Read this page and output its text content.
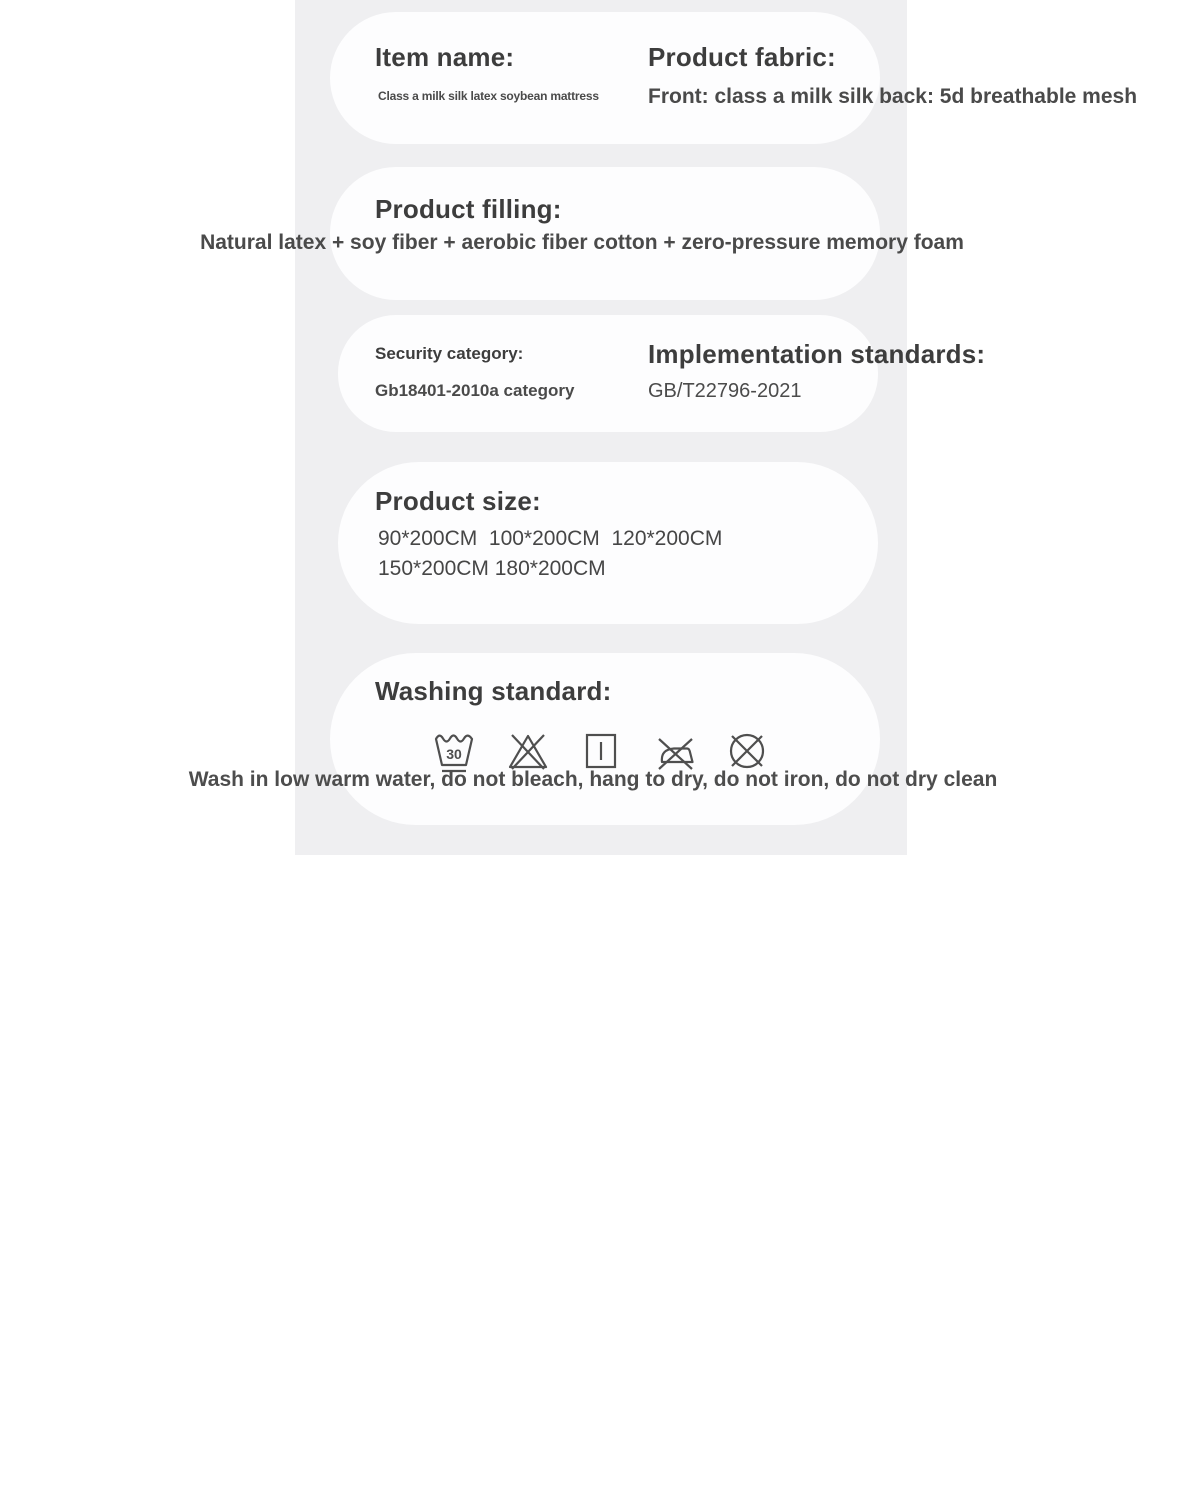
Item name:
Class a milk silk latex soybean mattress
Product fabric:
Front: class a milk silk back: 5d breathable mesh
Product filling:
Natural latex + soy fiber + aerobic fiber cotton + zero-pressure memory foam
Security category:
Gb18401-2010a category
Implementation standards:
GB/T22796-2021
Product size:
90*200CM  100*200CM  120*200CM
150*200CM 180*200CM
Washing standard:
30
Wash in low warm water, do not bleach, hang to dry, do not iron, do not dry clean
